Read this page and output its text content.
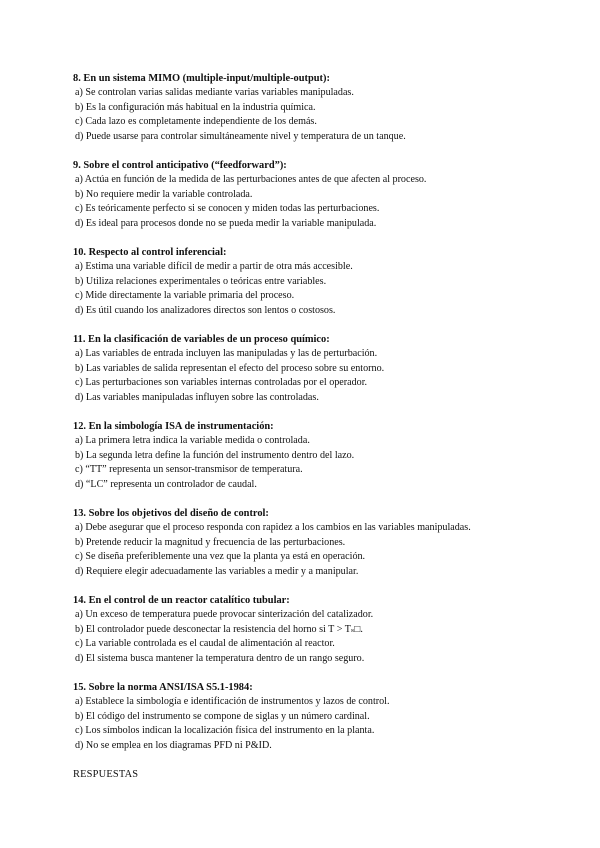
8. En un sistema MIMO (multiple-input/multiple-output):
a) Se controlan varias salidas mediante varias variables manipuladas.
b) Es la configuración más habitual en la industria química.
c) Cada lazo es completamente independiente de los demás.
d) Puede usarse para controlar simultáneamente nivel y temperatura de un tanque.
9. Sobre el control anticipativo (“feedforward”):
a) Actúa en función de la medida de las perturbaciones antes de que afecten al proceso.
b) No requiere medir la variable controlada.
c) Es teóricamente perfecto si se conocen y miden todas las perturbaciones.
d) Es ideal para procesos donde no se pueda medir la variable manipulada.
10. Respecto al control inferencial:
a) Estima una variable difícil de medir a partir de otra más accesible.
b) Utiliza relaciones experimentales o teóricas entre variables.
c) Mide directamente la variable primaria del proceso.
d) Es útil cuando los analizadores directos son lentos o costosos.
11. En la clasificación de variables de un proceso químico:
a) Las variables de entrada incluyen las manipuladas y las de perturbación.
b) Las variables de salida representan el efecto del proceso sobre su entorno.
c) Las perturbaciones son variables internas controladas por el operador.
d) Las variables manipuladas influyen sobre las controladas.
12. En la simbología ISA de instrumentación:
a) La primera letra indica la variable medida o controlada.
b) La segunda letra define la función del instrumento dentro del lazo.
c) “TT” representa un sensor-transmisor de temperatura.
d) “LC” representa un controlador de caudal.
13. Sobre los objetivos del diseño de control:
a) Debe asegurar que el proceso responda con rapidez a los cambios en las variables manipuladas.
b) Pretende reducir la magnitud y frecuencia de las perturbaciones.
c) Se diseña preferiblemente una vez que la planta ya está en operación.
d) Requiere elegir adecuadamente las variables a medir y a manipular.
14. En el control de un reactor catalítico tubular:
a) Un exceso de temperatura puede provocar sinterización del catalizador.
b) El controlador puede desconectar la resistencia del horno si T > Tₛ□.
c) La variable controlada es el caudal de alimentación al reactor.
d) El sistema busca mantener la temperatura dentro de un rango seguro.
15. Sobre la norma ANSI/ISA S5.1-1984:
a) Establece la simbología e identificación de instrumentos y lazos de control.
b) El código del instrumento se compone de siglas y un número cardinal.
c) Los símbolos indican la localización física del instrumento en la planta.
d) No se emplea en los diagramas PFD ni P&ID.
RESPUESTAS
